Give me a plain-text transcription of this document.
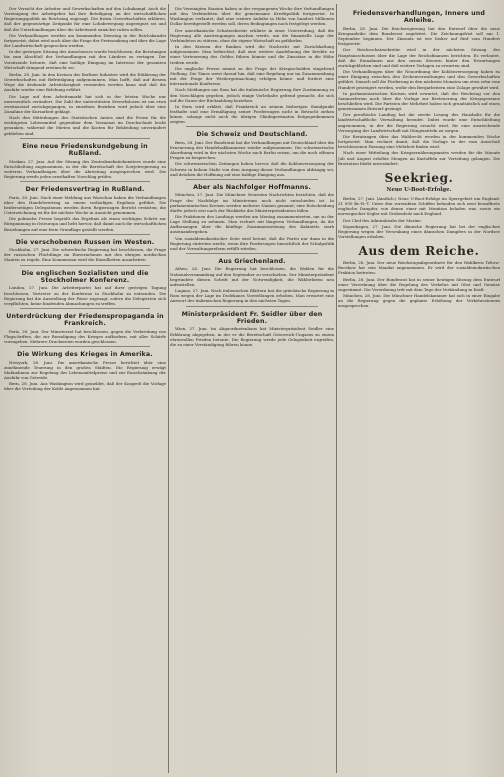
Der Verzicht der Arbeiter und Gewerkschaften auf den Lohnkampf. Auch die Vereinigung der Arbeitgeber hat ihre Beteiligung an der wirtschaftlichen Regierungspolitik im Reichstag zugesagt. Die freien Gewerkschaften erklären, daß der gegenwärtige Zeitpunkt für eine Lohnbewegung ungeeignet sei und daß die Unterhandlungen über die Arbeitszeit zunächst ruhen sollen.
Die Verhandlungen werden am kommenden Dienstag in der Reichskanzlei fortgesetzt; dabei wird auch über die Frage der Preissenkung und über die Lage der Landwirtschaft gesprochen werden.
In der gestrigen Sitzung des Ausschusses wurde beschlossen, die Beratungen bis zum Abschluß der Verhandlungen mit den Ländern zu vertagen. Der Vorsitzende betonte, daß eine baldige Einigung im Interesse der gesamten Wirtschaft dringend erwünscht sei.
Berlin, 28. Juni. In den Kreisen der Berliner Industrie wird die Erklärung der Gewerkschaften mit Befriedigung aufgenommen. Man hofft, daß auf diesem Wege die drohende Arbeitslosigkeit vermieden werden kann und daß die Ausfuhr wieder eine Belebung erfährt.
Die Lage auf dem Arbeitsmarkt hat sich in der letzten Woche nur unwesentlich verändert. Die Zahl der unterstützten Erwerbslosen ist um etwa zweitausend zurückgegangen; in einzelnen Bezirken wird jedoch über eine Zunahme der Kurzarbeit geklagt.
Nach den Mitteilungen des Statistischen Amtes sind die Preise für die wichtigsten Lebensmittel gegenüber dem Vormonat im Durchschnitt leicht gesunken, während die Mieten und die Kosten für Bekleidung unverändert geblieben sind.
Eine neue Friedenskundgebung in Rußland.
Moskau, 27. Juni. Auf der Sitzung des Zentralexekutivkomitees wurde eine Entschließung angenommen, in der die Bereitschaft der Sowjetregierung zu weiteren Verhandlungen über die Abrüstung ausgesprochen wird. Die Regierung werde jeden ernsthaften Vorschlag prüfen.
Der Friedensvertrag in Rußland.
Paris, 28. Juni. Nach einer Meldung aus Warschau haben die Verhandlungen über den Handelsvertrag zu einem vorläufigen Ergebnis geführt. Die beiderseitigen Delegationen werden ihren Regierungen Bericht erstatten; die Unterzeichnung ist für die nächste Woche in Aussicht genommen.
Die polnische Presse begrüßt das Ergebnis als einen wichtigen Schritt zur Entspannung in Osteuropa und hebt hervor, daß damit auch die wirtschaftlichen Beziehungen auf eine feste Grundlage gestellt werden.
Die verschobenen Russen im Westen.
Stockholm, 27. Juni. Die schwedische Regierung hat beschlossen, die Frage der russischen Flüchtlinge im Einvernehmen mit den übrigen nordischen Staaten zu regeln. Eine Kommission wird die Einzelheiten ausarbeiten.
Die englischen Sozialisten und die Stockholmer Konferenz.
London, 27. Juni. Die Arbeiterpartei hat auf ihrer gestrigen Tagung beschlossen, Vertreter zu der Konferenz in Stockholm zu entsenden. Die Regierung hat die Ausstellung der Pässe zugesagt, sofern die Delegierten sich verpflichten, keine bindenden Abmachungen zu treffen.
Unterdrückung der Friedenspropaganda in Frankreich.
Paris, 28. Juni. Der Ministerrat hat beschlossen, gegen die Verbreitung von Flugschriften, die zur Beendigung des Krieges auffordern, mit aller Schärfe vorzugehen. Mehrere Druckereien wurden geschlossen.
Die Wirkung des Krieges in Amerika.
Newyork, 28. Juni. Die amerikanische Presse berichtet über eine zunehmende Teuerung in den großen Städten. Die Regierung erwägt Maßnahmen zur Regelung der Lebensmittelpreise und zur Einschränkung der Ausfuhr von Getreide.
Bern, 28. Juni. Aus Washington wird gemeldet, daß der Kongreß die Vorlage über die Verteilung der Kohle angenommen hat.
Die Vereinigten Staaten haben in der vergangenen Woche ihre Verhandlungen mit den Verbündeten über die gemeinsame Kreditpolitik fortgesetzt. In Washington verlautet, daß eine weitere Anleihe in Höhe von hundert Millionen Dollar bereitgestellt werden soll, deren Bedingungen noch festgelegt werden.
Der amerikanische Schatzsekretär erklärte in einer Unterredung, daß die Regierung alle Anstrengungen machen werde, um die finanzielle Lage der Verbündeten zu stützen, ohne die eigene Wirtschaft zu gefährden.
In den Kreisen der Banken wird die Nachricht mit Zurückhaltung aufgenommen. Man befürchtet, daß eine weitere Ausdehnung der Kredite zu einer Verteuerung des Geldes führen könnte und die Zinssätze in die Höhe treiben werde.
Die englische Presse nimmt zu der Frage der Kriegsschulden eingehend Stellung. Die Times weist darauf hin, daß eine Regelung nur im Zusammenhang mit der Frage der Wiedergutmachung erfolgen könne, und fordert eine internationale Konferenz.
Nach Meldungen aus Rom hat die italienische Regierung ihre Zustimmung zu den Vorschlägen gegeben, jedoch einige Vorbehalte geltend gemacht, die sich auf die Dauer der Rückzahlung beziehen.
In Paris wird erklärt, daß Frankreich an seinem bisherigen Standpunkt festhalte und eine Ermäßigung seiner Forderungen nicht in Betracht ziehen könne, solange nicht auch die übrigen Gläubigerstaaten Entgegenkommen zeigten.
Die Schweiz und Deutschland.
Bern, 28. Juni. Der Bundesrat hat die Verhandlungen mit Deutschland über die Erneuerung des Handelsabkommens wieder aufgenommen. Die schweizerische Abordnung wird in der nächsten Woche nach Berlin reisen, um die noch offenen Fragen zu besprechen.
Die schweizerischen Zeitungen heben hervor, daß die Kohlenversorgung der Schweiz in hohem Maße von dem Ausgang dieser Verhandlungen abhängig sei, und drücken die Hoffnung auf eine baldige Einigung aus.
Aber als Nachfolger Hoffmanns.
München, 27. Juni. Die Münchner Neuesten Nachrichten berichten, daß die Frage der Nachfolge im Ministerium noch nicht entschieden ist. In parlamentarischen Kreisen werden mehrere Namen genannt; eine Entscheidung dürfte jedoch erst nach der Rückkehr des Ministerpräsidenten fallen.
Die Fraktionen des Landtags werden am Montag zusammentreten, um zu der Lage Stellung zu nehmen. Man rechnet mit längeren Verhandlungen, da die Auffassungen über die künftige Zusammensetzung des Kabinetts stark auseinandergehen.
Von sozialdemokratischer Seite wird betont, daß die Partei nur dann in die Regierung eintreten werde, wenn ihre Forderungen hinsichtlich der Schulpolitik und der Verwaltungsreform erfüllt würden.
Aus Griechenland.
Athen, 26. Juni. Die Regierung hat beschlossen, die Wahlen für die Nationalversammlung auf den September zu verschieben. Der Ministerpräsident begründete diesen Schritt mit der Notwendigkeit, die Wählerlisten neu aufzustellen.
Lugano, 27. Juni. Nach italienischen Blättern hat die griechische Regierung in Rom wegen der Lage im Dodekanes Vorstellungen erhoben. Man erwartet eine Antwort der italienischen Regierung in den nächsten Tagen.
Ministerpräsident Fr. Seidler über den Frieden.
Wien, 27. Juni. Im Abgeordnetenhaus hat Ministerpräsident Seidler eine Erklärung abgegeben, in der er die Bereitschaft Österreich-Ungarns zu einem ehrenvollen Frieden betonte. Die Regierung werde jede Gelegenheit ergreifen, die zu einer Verständigung führen könne.
Friedensverhandlungen, Innere und Anleihe.
Berlin, 28. Juni. Die Reichsregierung hat den Entwurf über die neue Kriegsanleihe dem Bundesrat zugeleitet. Die Zeichnungsfrist soll am 1. September beginnen. Der Zinssatz ist wie bisher auf fünf vom Hundert festgesetzt.
Der Reichsschatzsekretär wird in der nächsten Sitzung des Hauptausschusses über die Lage der Reichsfinanzen berichten. Es verlautet, daß die Einnahmen aus den neuen Steuern hinter den Erwartungen zurückgeblieben sind und daß weitere Vorlagen zu erwarten sind.
Die Verhandlungen über die Neuordnung der Kohlenversorgung haben zu einer Einigung zwischen den Zechenverwaltungen und den Gewerkschaften geführt. Danach soll die Förderung in den nächsten Monaten um etwa zehn vom Hundert gesteigert werden, wofür den Bergarbeitern eine Zulage gewährt wird.
In parlamentarischen Kreisen wird erwartet, daß der Reichstag vor den Sommerferien noch über die Vorlage zur Besteuerung der Kriegsgewinne beschließen wird. Die Parteien der Mehrheit haben sich grundsätzlich auf einen gemeinsamen Entwurf geeinigt.
Der preußische Landtag hat die zweite Lesung des Haushalts für die landwirtschaftliche Verwaltung beendet. Dabei wurde eine Entschließung angenommen, in der die Regierung ersucht wird, für eine ausreichende Versorgung der Landwirtschaft mit Düngemitteln zu sorgen.
Die Beratungen über das Wahlrecht werden in der kommenden Woche fortgesetzt. Man rechnet damit, daß die Vorlage in der vom Ausschuß beschlossenen Fassung eine Mehrheit finden wird.
Nach einer Mitteilung des Kriegsernährungsamtes werden für die Monate Juli und August erhöhte Mengen an Kartoffeln zur Verteilung gelangen. Die Brotration bleibt unverändert.
Seekrieg.
Neue U-Boot-Erfolge.
Berlin, 27. Juni. (Amtlich.) Neue U-Boot-Erfolge im Sperrgebiet um England: 21 000 Br.-R.-T. Unter den versenkten Schiffen befanden sich zwei bewaffnete englische Dampfer, von denen einer mit Munition beladen war, sowie ein norwegischer Segler mit Grubenholz nach England.
Der Chef des Admiralstabs der Marine.
Kopenhagen, 27. Juni. Die dänische Regierung hat bei der englischen Regierung wegen der Versenkung eines dänischen Dampfers in der Nordsee Vorstellungen erhoben.
Aus dem Reiche.
Berlin, 28. Juni. Der neue Reichstagsabgeordnete für den Wahlkreis Teltow-Beeskow hat sein Mandat angenommen. Er wird der sozialdemokratischen Fraktion beitreten.
Berlin, 28. Juni. Der Bundesrat hat in seiner heutigen Sitzung dem Entwurf einer Verordnung über die Regelung des Verkehrs mit Obst und Gemüse zugestimmt. Die Verordnung tritt mit dem Tage der Verkündung in Kraft.
München, 28. Juni. Die Münchner Handelskammer hat sich in einer Eingabe an die Regierung gegen die geplante Erhöhung der Verkehrssteuern ausgesprochen.
